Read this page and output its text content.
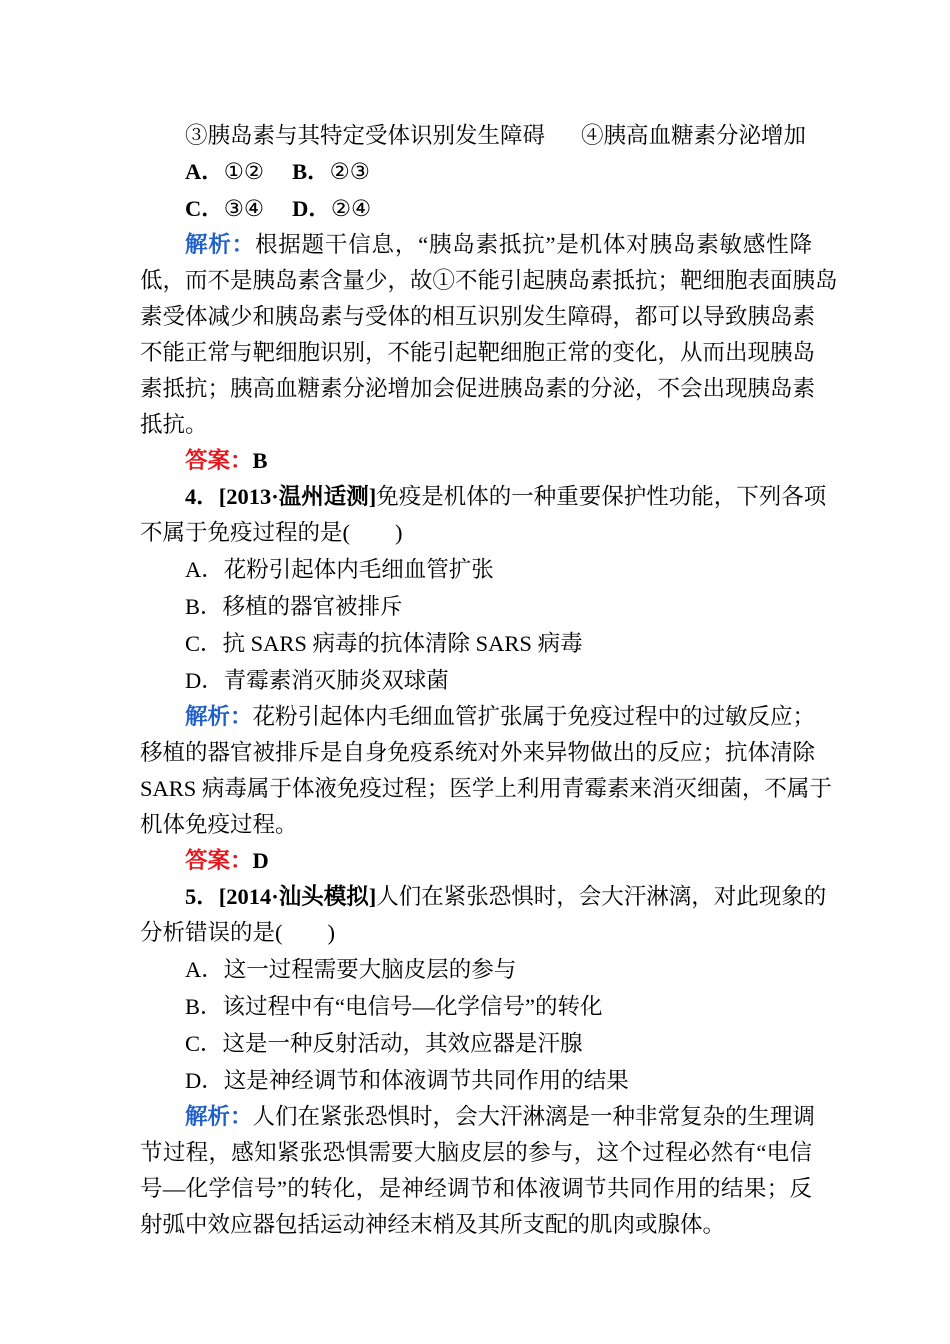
③胰岛素与其特定受体识别发生障碍 ④胰高血糖素分泌增加
A．①② B．②③
C．③④ D．②④
解析：根据题干信息，“胰岛素抵抗”是机体对胰岛素敏感性降
低，而不是胰岛素含量少，故①不能引起胰岛素抵抗；靶细胞表面胰岛
素受体减少和胰岛素与受体的相互识别发生障碍，都可以导致胰岛素
不能正常与靶细胞识别，不能引起靶细胞正常的变化，从而出现胰岛
素抵抗；胰高血糖素分泌增加会促进胰岛素的分泌，不会出现胰岛素
抵抗。
答案：B
4．[2013·温州适测]免疫是机体的一种重要保护性功能，下列各项
不属于免疫过程的是(　　)
A．花粉引起体内毛细血管扩张
B．移植的器官被排斥
C．抗 SARS 病毒的抗体清除 SARS 病毒
D．青霉素消灭肺炎双球菌
解析：花粉引起体内毛细血管扩张属于免疫过程中的过敏反应；
移植的器官被排斥是自身免疫系统对外来异物做出的反应；抗体清除
SARS 病毒属于体液免疫过程；医学上利用青霉素来消灭细菌，不属于
机体免疫过程。
答案：D
5．[2014·汕头模拟]人们在紧张恐惧时，会大汗淋漓，对此现象的
分析错误的是(　　)
A．这一过程需要大脑皮层的参与
B．该过程中有“电信号—化学信号”的转化
C．这是一种反射活动，其效应器是汗腺
D．这是神经调节和体液调节共同作用的结果
解析：人们在紧张恐惧时，会大汗淋漓是一种非常复杂的生理调
节过程，感知紧张恐惧需要大脑皮层的参与，这个过程必然有“电信
号—化学信号”的转化，是神经调节和体液调节共同作用的结果；反
射弧中效应器包括运动神经末梢及其所支配的肌肉或腺体。
